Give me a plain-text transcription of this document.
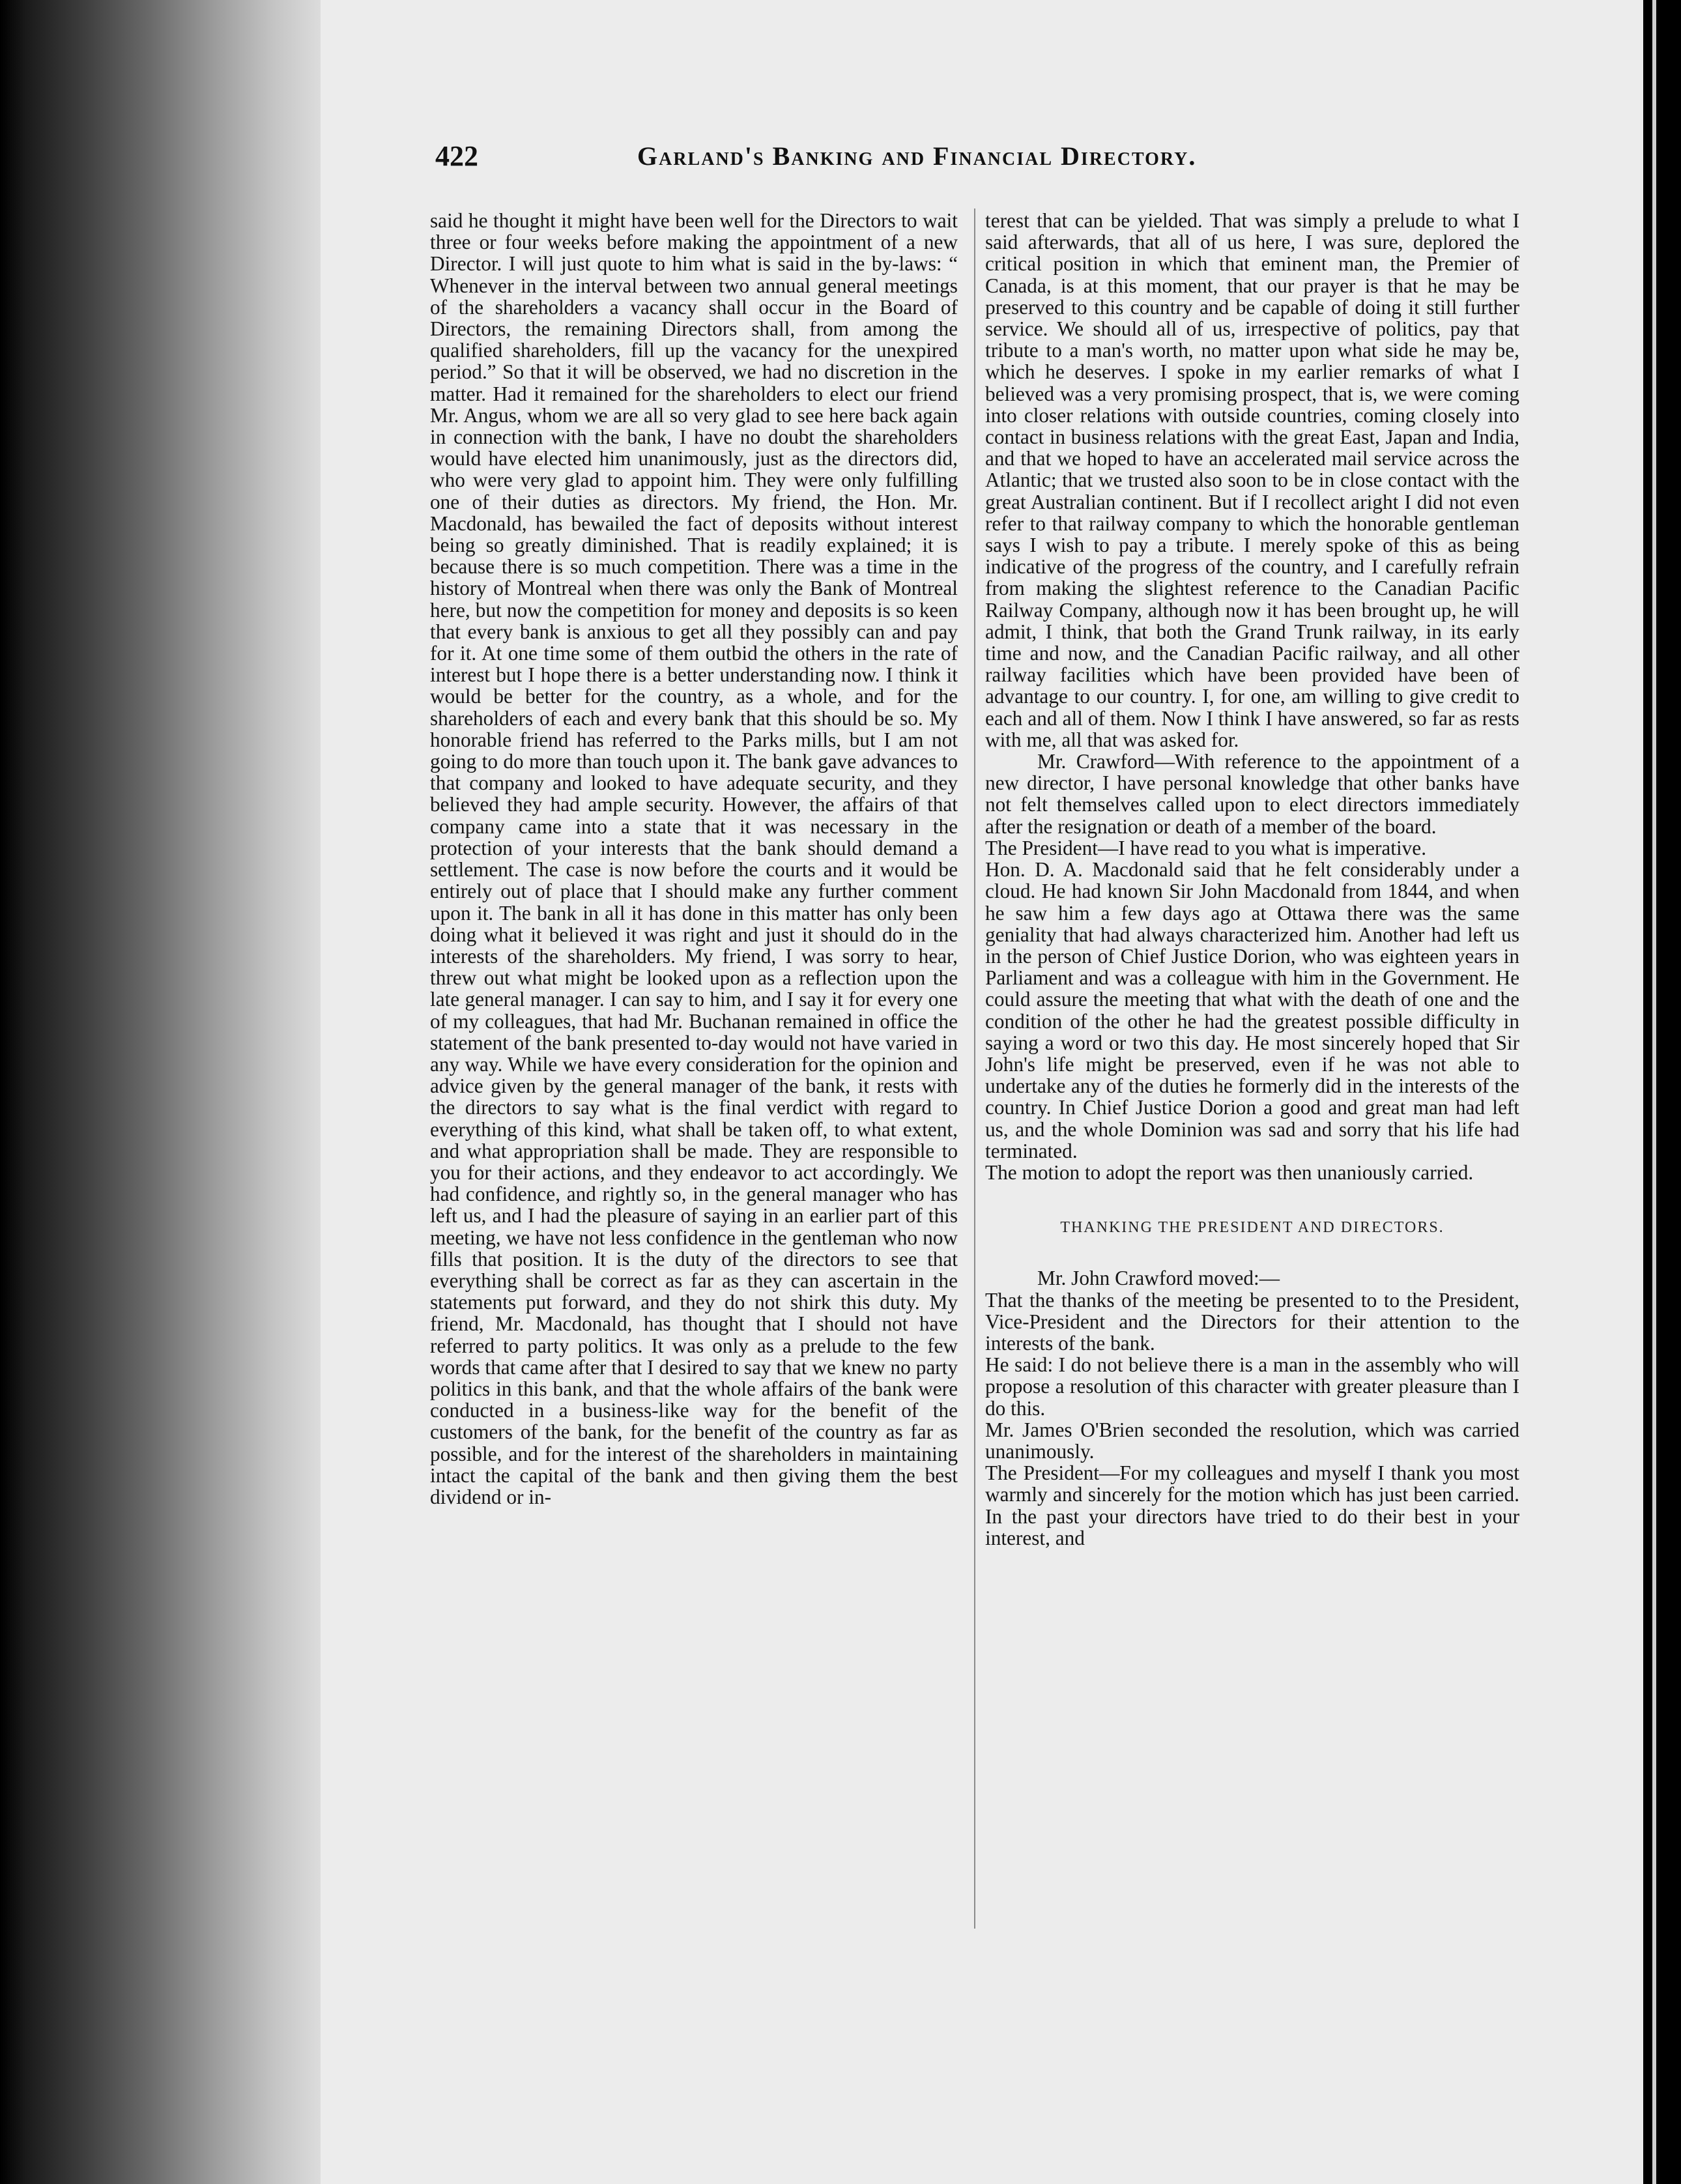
422	Garland's Banking and Financial Directory.

said he thought it might have been well for the Directors to wait three or four weeks before making the appointment of a new Director. I will just quote to him what is said in the by-laws: “ Whenever in the interval between two annual general meetings of the shareholders a vacancy shall occur in the Board of Directors, the remaining Directors shall, from among the qualified shareholders, fill up the vacancy for the unexpired period.” So that it will be observed, we had no discretion in the matter. Had it remained for the shareholders to elect our friend Mr. Angus, whom we are all so very glad to see here back again in connection with the bank, I have no doubt the shareholders would have elected him unanimously, just as the directors did, who were very glad to appoint him. They were only fulfilling one of their duties as directors. My friend, the Hon. Mr. Macdonald, has bewailed the fact of deposits without interest being so greatly diminished. That is readily explained; it is because there is so much competition. There was a time in the history of Montreal when there was only the Bank of Montreal here, but now the competition for money and deposits is so keen that every bank is anxious to get all they possibly can and pay for it. At one time some of them outbid the others in the rate of interest but I hope there is a better understanding now. I think it would be better for the country, as a whole, and for the shareholders of each and every bank that this should be so. My honorable friend has referred to the Parks mills, but I am not going to do more than touch upon it. The bank gave advances to that company and looked to have adequate security, and they believed they had ample security. However, the affairs of that company came into a state that it was necessary in the protection of your interests that the bank should demand a settlement. The case is now before the courts and it would be entirely out of place that I should make any further comment upon it. The bank in all it has done in this matter has only been doing what it believed it was right and just it should do in the interests of the shareholders. My friend, I was sorry to hear, threw out what might be looked upon as a reflection upon the late general manager. I can say to him, and I say it for every one of my colleagues, that had Mr. Buchanan remained in office the statement of the bank presented to-day would not have varied in any way. While we have every consideration for the opinion and advice given by the general manager of the bank, it rests with the directors to say what is the final verdict with regard to everything of this kind, what shall be taken off, to what extent, and what appropriation shall be made. They are responsible to you for their actions, and they endeavor to act accordingly. We had confidence, and rightly so, in the general manager who has left us, and I had the pleasure of saying in an earlier part of this meeting, we have not less confidence in the gentleman who now fills that position. It is the duty of the directors to see that everything shall be correct as far as they can ascertain in the statements put forward, and they do not shirk this duty. My friend, Mr. Macdonald, has thought that I should not have referred to party politics. It was only as a prelude to the few words that came after that I desired to say that we knew no party politics in this bank, and that the whole affairs of the bank were conducted in a business-like way for the benefit of the customers of the bank, for the benefit of the country as far as possible, and for the interest of the shareholders in maintaining intact the capital of the bank and then giving them the best dividend or in-

terest that can be yielded. That was simply a prelude to what I said afterwards, that all of us here, I was sure, deplored the critical position in which that eminent man, the Premier of Canada, is at this moment, that our prayer is that he may be preserved to this country and be capable of doing it still further service. We should all of us, irrespective of politics, pay that tribute to a man's worth, no matter upon what side he may be, which he deserves. I spoke in my earlier remarks of what I believed was a very promising prospect, that is, we were coming into closer relations with outside countries, coming closely into contact in business relations with the great East, Japan and India, and that we hoped to have an accelerated mail service across the Atlantic; that we trusted also soon to be in close contact with the great Australian continent. But if I recollect aright I did not even refer to that railway company to which the honorable gentleman says I wish to pay a tribute. I merely spoke of this as being indicative of the progress of the country, and I carefully refrain from making the slightest reference to the Canadian Pacific Railway Company, although now it has been brought up, he will admit, I think, that both the Grand Trunk railway, in its early time and now, and the Canadian Pacific railway, and all other railway facilities which have been provided have been of advantage to our country. I, for one, am willing to give credit to each and all of them. Now I think I have answered, so far as rests with me, all that was asked for.

Mr. Crawford—With reference to the appointment of a new director, I have personal knowledge that other banks have not felt themselves called upon to elect directors immediately after the resignation or death of a member of the board.

The President—I have read to you what is imperative.

Hon. D. A. Macdonald said that he felt considerably under a cloud. He had known Sir John Macdonald from 1844, and when he saw him a few days ago at Ottawa there was the same geniality that had always characterized him. Another had left us in the person of Chief Justice Dorion, who was eighteen years in Parliament and was a colleague with him in the Government. He could assure the meeting that what with the death of one and the condition of the other he had the greatest possible difficulty in saying a word or two this day. He most sincerely hoped that Sir John's life might be preserved, even if he was not able to undertake any of the duties he formerly did in the interests of the country. In Chief Justice Dorion a good and great man had left us, and the whole Dominion was sad and sorry that his life had terminated.

The motion to adopt the report was then unaniously carried.

THANKING THE PRESIDENT AND DIRECTORS.

Mr. John Crawford moved:—

That the thanks of the meeting be presented to to the President, Vice-President and the Directors for their attention to the interests of the bank.

He said: I do not believe there is a man in the assembly who will propose a resolution of this character with greater pleasure than I do this.

Mr. James O'Brien seconded the resolution, which was carried unanimously.

The President—For my colleagues and myself I thank you most warmly and sincerely for the motion which has just been carried. In the past your directors have tried to do their best in your interest, and
